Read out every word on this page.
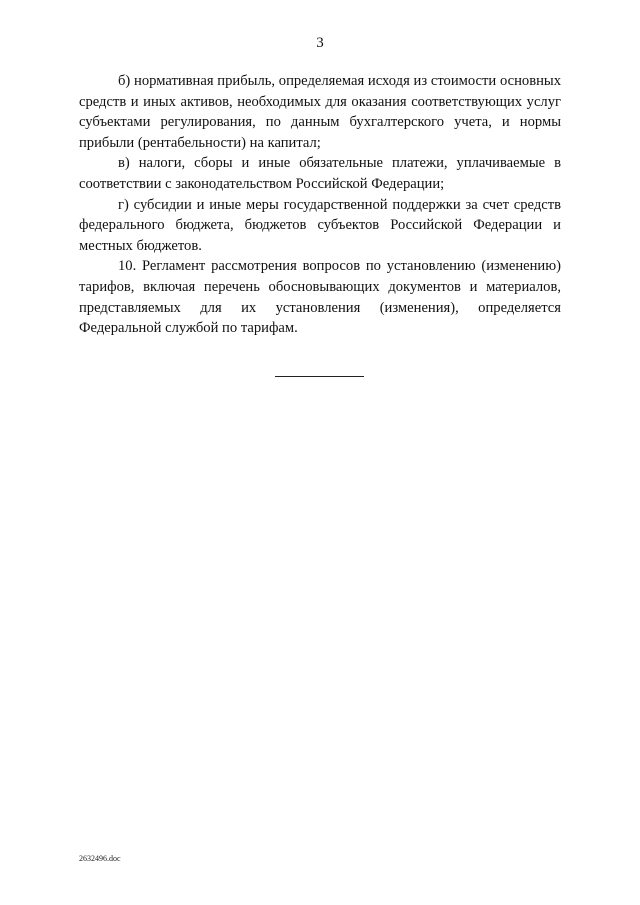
3

б) нормативная прибыль, определяемая исходя из стоимости основных средств и иных активов, необходимых для оказания соответствующих услуг субъектами регулирования, по данным бухгалтерского учета, и нормы прибыли (рентабельности) на капитал;

в) налоги, сборы и иные обязательные платежи, уплачиваемые в соответствии с законодательством Российской Федерации;

г) субсидии и иные меры государственной поддержки за счет средств федерального бюджета, бюджетов субъектов Российской Федерации и местных бюджетов.

10. Регламент рассмотрения вопросов по установлению (изменению) тарифов, включая перечень обосновывающих документов и материалов, представляемых для их установления (изменения), определяется Федеральной службой по тарифам.

2632496.doc
